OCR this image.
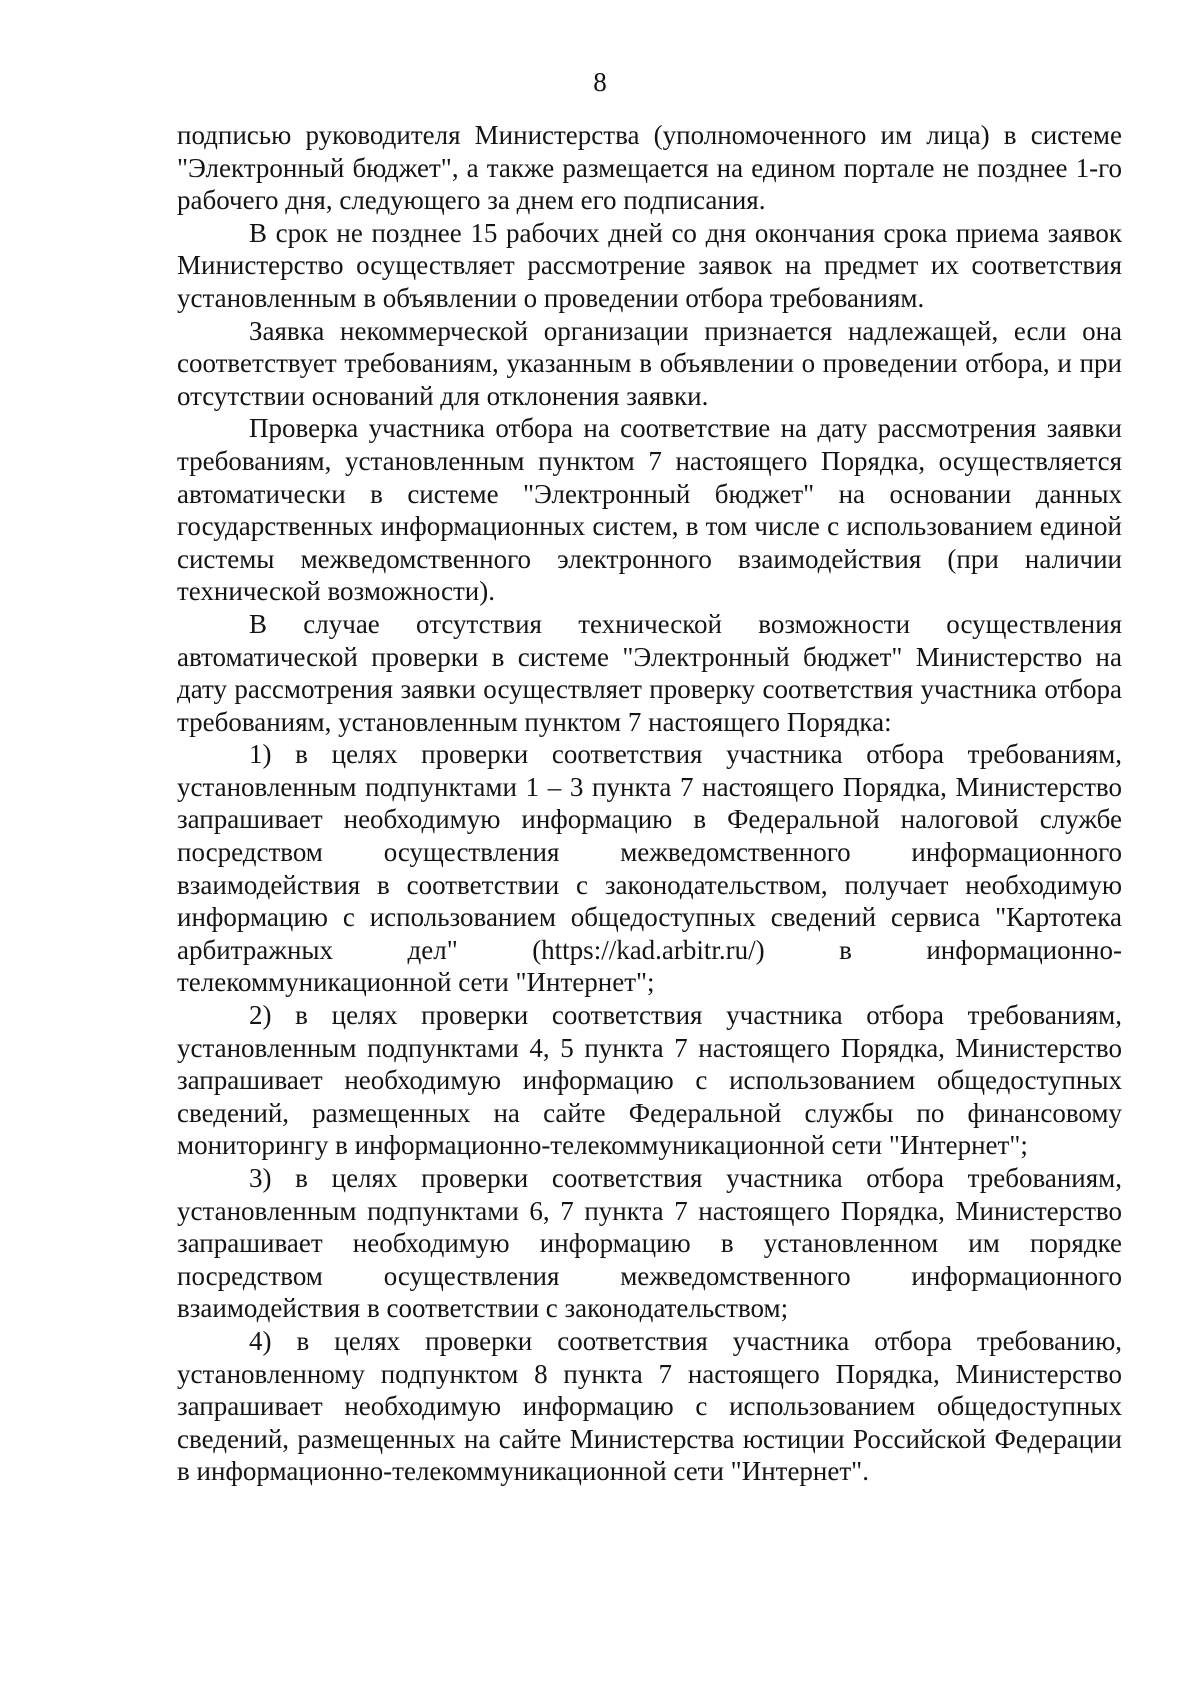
8

подписью руководителя Министерства (уполномоченного им лица) в системе "Электронный бюджет", а также размещается на едином портале не позднее 1-го рабочего дня, следующего за днем его подписания.

В срок не позднее 15 рабочих дней со дня окончания срока приема заявок Министерство осуществляет рассмотрение заявок на предмет их соответствия установленным в объявлении о проведении отбора требованиям.

Заявка некоммерческой организации признается надлежащей, если она соответствует требованиям, указанным в объявлении о проведении отбора, и при отсутствии оснований для отклонения заявки.

Проверка участника отбора на соответствие на дату рассмотрения заявки требованиям, установленным пунктом 7 настоящего Порядка, осуществляется автоматически в системе "Электронный бюджет" на основании данных государственных информационных систем, в том числе с использованием единой системы межведомственного электронного взаимодействия (при наличии технической возможности).

В случае отсутствия технической возможности осуществления автоматической проверки в системе "Электронный бюджет" Министерство на дату рассмотрения заявки осуществляет проверку соответствия участника отбора требованиям, установленным пунктом 7 настоящего Порядка:

1) в целях проверки соответствия участника отбора требованиям, установленным подпунктами 1 – 3 пункта 7 настоящего Порядка, Министерство запрашивает необходимую информацию в Федеральной налоговой службе посредством осуществления межведомственного информационного взаимодействия в соответствии с законодательством, получает необходимую информацию с использованием общедоступных сведений сервиса "Картотека арбитражных дел" (https://kad.arbitr.ru/) в информационно-телекоммуникационной сети "Интернет";

2) в целях проверки соответствия участника отбора требованиям, установленным подпунктами 4, 5 пункта 7 настоящего Порядка, Министерство запрашивает необходимую информацию с использованием общедоступных сведений, размещенных на сайте Федеральной службы по финансовому мониторингу в информационно-телекоммуникационной сети "Интернет";

3) в целях проверки соответствия участника отбора требованиям, установленным подпунктами 6, 7 пункта 7 настоящего Порядка, Министерство запрашивает необходимую информацию в установленном им порядке посредством осуществления межведомственного информационного взаимодействия в соответствии с законодательством;

4) в целях проверки соответствия участника отбора требованию, установленному подпунктом 8 пункта 7 настоящего Порядка, Министерство запрашивает необходимую информацию с использованием общедоступных сведений, размещенных на сайте Министерства юстиции Российской Федерации в информационно-телекоммуникационной сети "Интернет".
